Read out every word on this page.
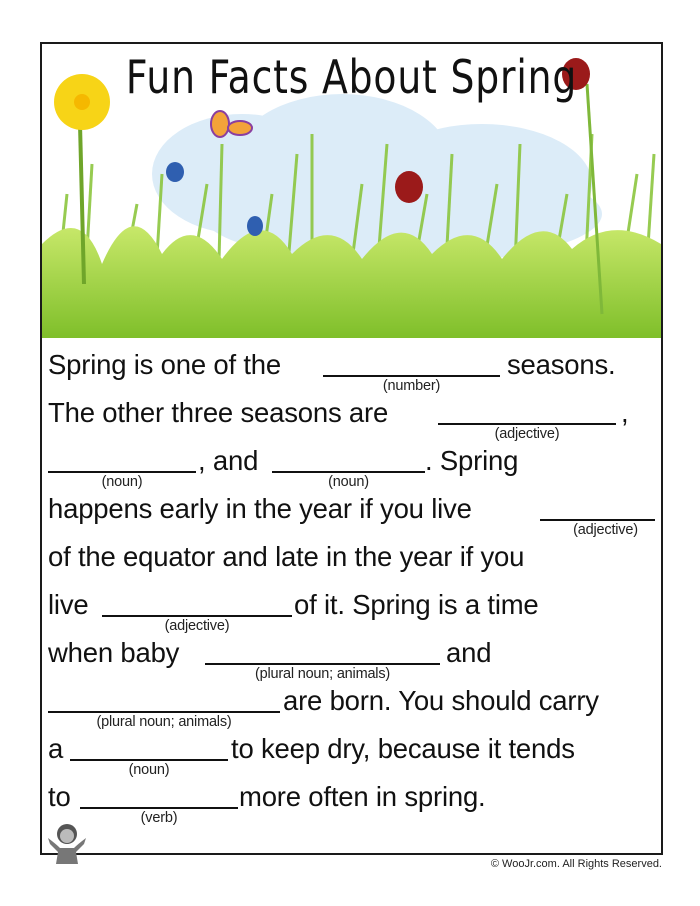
Fun Facts About Spring
Spring is one of the
(number)
seasons.
The other three seasons are
(adjective)
,
(noun)
, and
(noun)
. Spring
happens early in the year if you live
(adjective)
of the equator and late in the year if you
live
(adjective)
of it. Spring is a time
when baby
(plural noun; animals)
and
(plural noun; animals)
are born. You should carry
a
(noun)
to keep dry, because it tends
to
(verb)
more often in spring.
© WooJr.com. All Rights Reserved.
